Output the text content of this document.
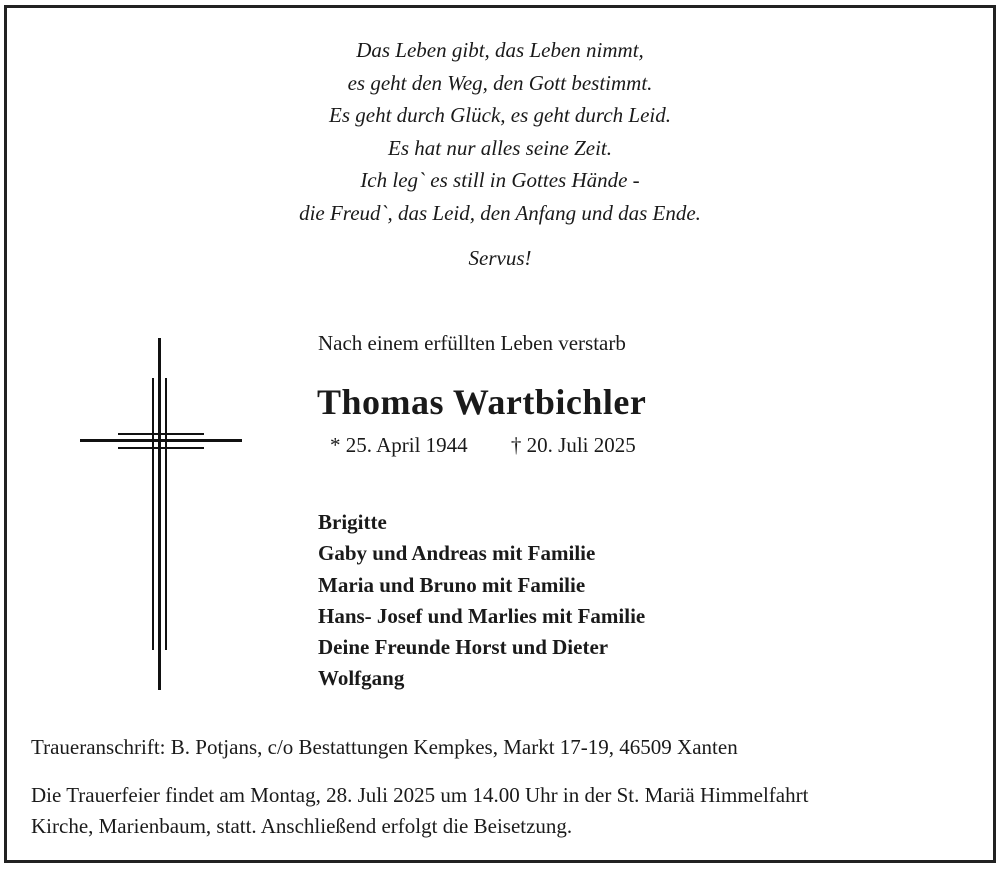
Das Leben gibt, das Leben nimmt,
es geht den Weg, den Gott bestimmt.
Es geht durch Glück, es geht durch Leid.
Es hat nur alles seine Zeit.
Ich leg` es still in Gottes Hände -
die Freud`, das Leid, den Anfang und das Ende.
Servus!
Nach einem erfüllten Leben verstarb
Thomas Wartbichler
* 25. April 1944 † 20. Juli 2025
Brigitte
Gaby und Andreas mit Familie
Maria und Bruno mit Familie
Hans- Josef und Marlies mit Familie
Deine Freunde Horst und Dieter
Wolfgang
Traueranschrift: B. Potjans, c/o Bestattungen Kempkes, Markt 17-19, 46509 Xanten
Die Trauerfeier findet am Montag, 28. Juli 2025 um 14.00 Uhr in der St. Mariä Himmelfahrt
Kirche, Marienbaum, statt. Anschließend erfolgt die Beisetzung.
